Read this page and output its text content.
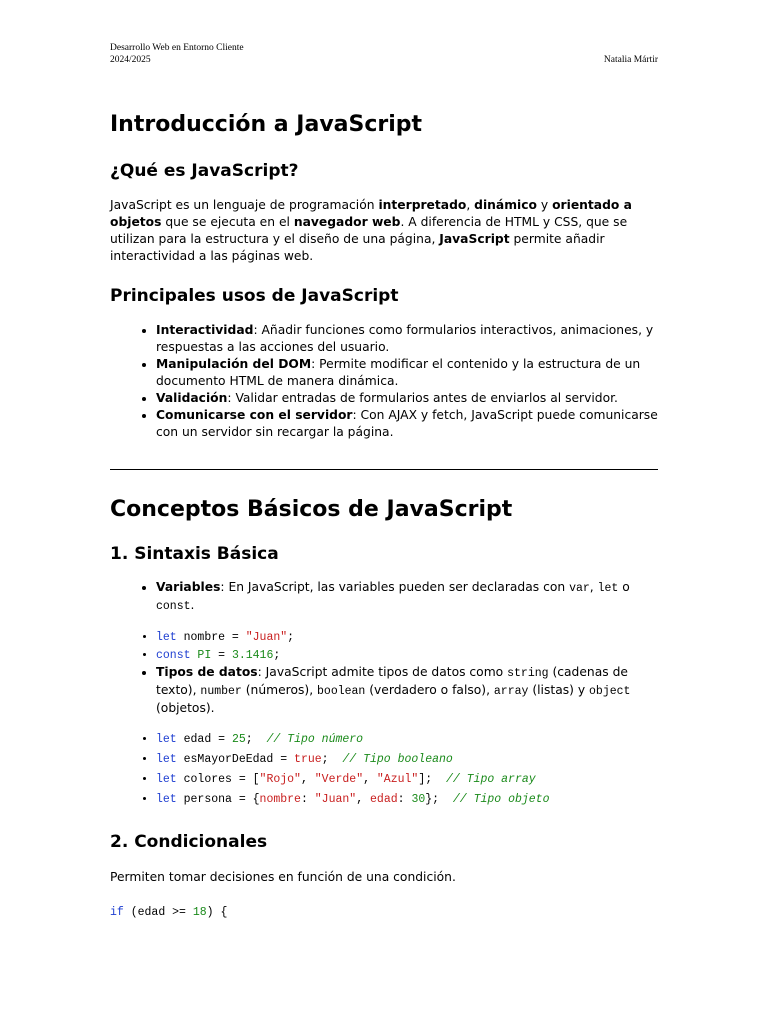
Desarrollo Web en Entorno Cliente
2024/2025	Natalia Mártir
Introducción a JavaScript
¿Qué es JavaScript?

JavaScript es un lenguaje de programación interpretado, dinámico y orientado a objetos que se ejecuta en el navegador web. A diferencia de HTML y CSS, que se utilizan para la estructura y el diseño de una página, JavaScript permite añadir interactividad a las páginas web.

Principales usos de JavaScript
• Interactividad: Añadir funciones como formularios interactivos, animaciones, y respuestas a las acciones del usuario.
• Manipulación del DOM: Permite modificar el contenido y la estructura de un documento HTML de manera dinámica.
• Validación: Validar entradas de formularios antes de enviarlos al servidor.
• Comunicarse con el servidor: Con AJAX y fetch, JavaScript puede comunicarse con un servidor sin recargar la página.
Conceptos Básicos de JavaScript
1. Sintaxis Básica
• Variables: En JavaScript, las variables pueden ser declaradas con var, let o const.
• let nombre = "Juan";
• const PI = 3.1416;
• Tipos de datos: JavaScript admite tipos de datos como string (cadenas de texto), number (números), boolean (verdadero o falso), array (listas) y object (objetos).
• let edad = 25;  // Tipo número
• let esMayorDeEdad = true;  // Tipo booleano
• let colores = ["Rojo", "Verde", "Azul"];  // Tipo array
• let persona = {nombre: "Juan", edad: 30};  // Tipo objeto
2. Condicionales

Permiten tomar decisiones en función de una condición.

if (edad >= 18) {
